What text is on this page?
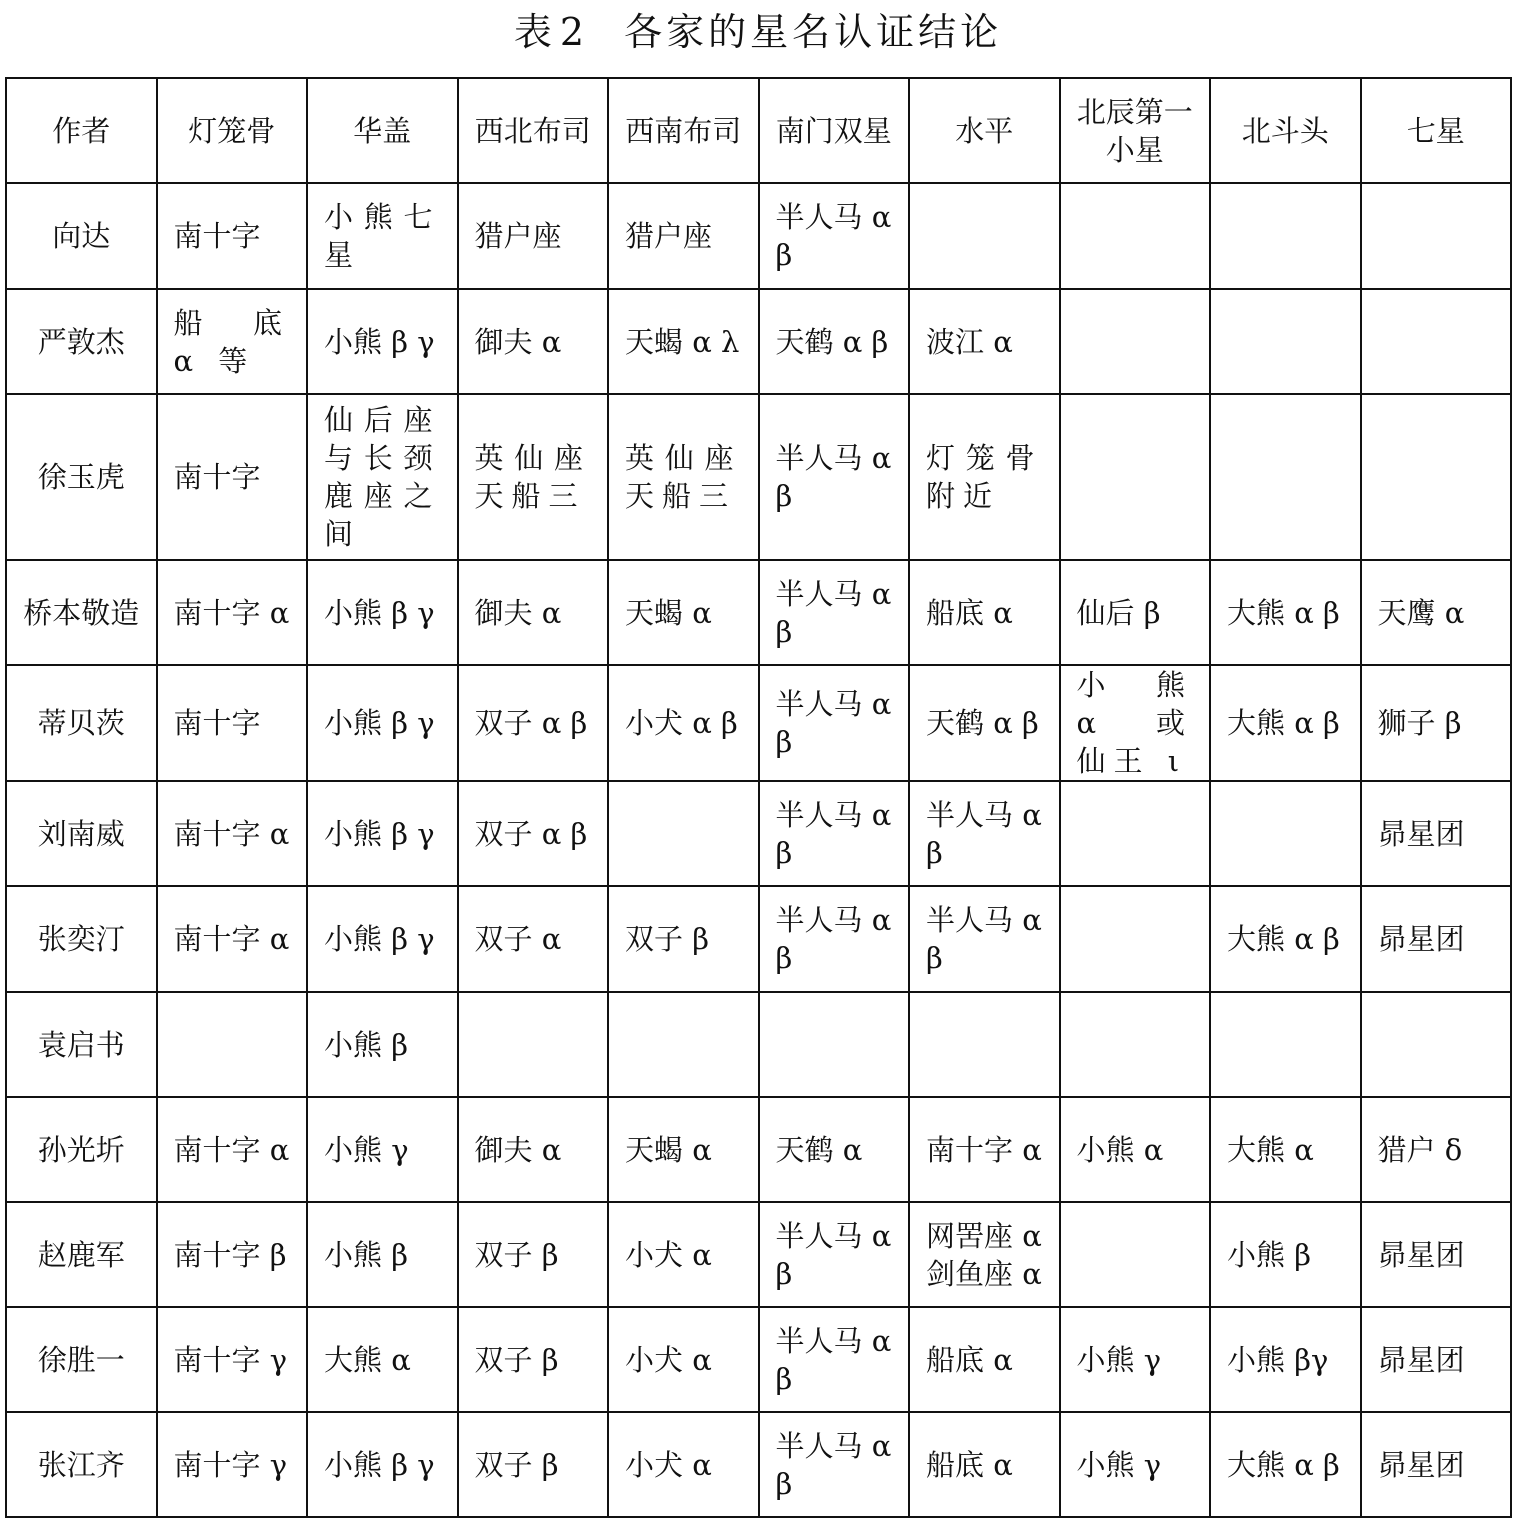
表 2 各家的星名认证结论
作者	灯笼骨	华盖	西北布司	西南布司	南门双星	水平	北辰第一小星	北斗头	七星
向达	南十字	小熊七星	猎户座	猎户座	半人马 α β				
严敦杰	船底 α 等	小熊 β γ	御夫 α	天蝎 α λ	天鹤 α β	波江 α			
徐玉虎	南十字	仙后座与长颈鹿座之间	英仙座天船三	英仙座天船三	半人马 α β	灯笼骨附近			
桥本敬造	南十字 α	小熊 β γ	御夫 α	天蝎 α	半人马 α β	船底 α	仙后 β	大熊 α β	天鹰 α
蒂贝茨	南十字	小熊 β γ	双子 α β	小犬 α β	半人马 α β	天鹤 α β	小熊 α 或仙王 ι	大熊 α β	狮子 β
刘南威	南十字 α	小熊 β γ	双子 α β		半人马 α β	半人马 α β			昴星团
张奕汀	南十字 α	小熊 β γ	双子 α	双子 β	半人马 α β	半人马 α β		大熊 α β	昴星团
袁启书		小熊 β							
孙光圻	南十字 α	小熊 γ	御夫 α	天蝎 α	天鹤 α	南十字 α	小熊 α	大熊 α	猎户 δ
赵鹿军	南十字 β	小熊 β	双子 β	小犬 α	半人马 α β	网罟座 α 剑鱼座 α		小熊 β	昴星团
徐胜一	南十字 γ	大熊 α	双子 β	小犬 α	半人马 α β	船底 α	小熊 γ	小熊 βγ	昴星团
张江齐	南十字 γ	小熊 β γ	双子 β	小犬 α	半人马 α β	船底 α	小熊 γ	大熊 α β	昴星团
